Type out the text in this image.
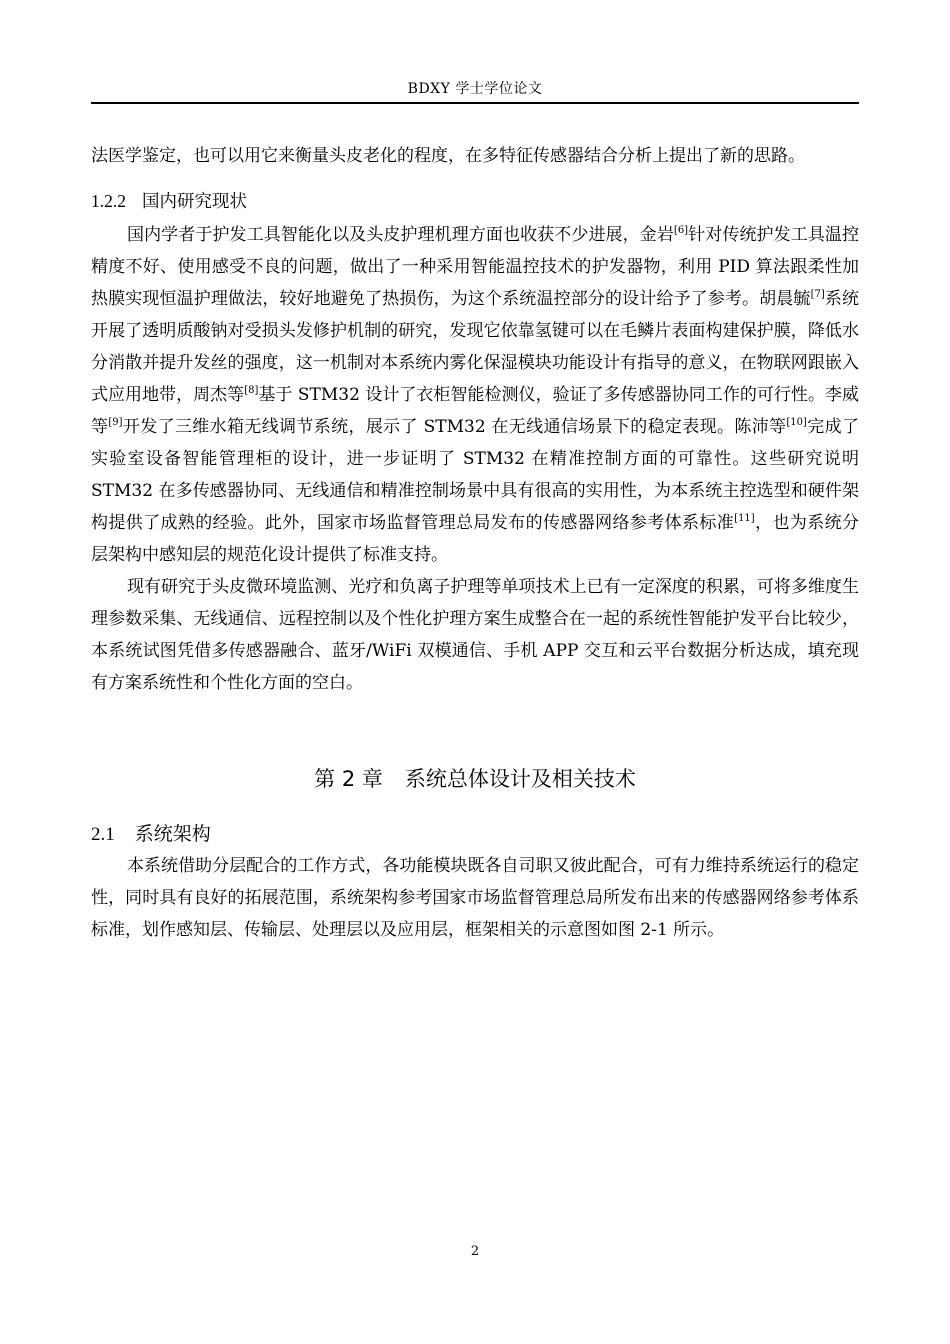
BDXY 学士学位论文

法医学鉴定，也可以用它来衡量头皮老化的程度，在多特征传感器结合分析上提出了新的思路。

1.2.2 国内研究现状

国内学者于护发工具智能化以及头皮护理机理方面也收获不少进展，金岩[6]针对传统护发工具温控精度不好、使用感受不良的问题，做出了一种采用智能温控技术的护发器物，利用 PID 算法跟柔性加热膜实现恒温护理做法，较好地避免了热损伤，为这个系统温控部分的设计给予了参考。胡晨毓[7]系统开展了透明质酸钠对受损头发修护机制的研究，发现它依靠氢键可以在毛鳞片表面构建保护膜，降低水分消散并提升发丝的强度，这一机制对本系统内雾化保湿模块功能设计有指导的意义，在物联网跟嵌入式应用地带，周杰等[8]基于 STM32 设计了衣柜智能检测仪，验证了多传感器协同工作的可行性。李威等[9]开发了三维水箱无线调节系统，展示了 STM32 在无线通信场景下的稳定表现。陈沛等[10]完成了实验室设备智能管理柜的设计，进一步证明了 STM32 在精准控制方面的可靠性。这些研究说明 STM32 在多传感器协同、无线通信和精准控制场景中具有很高的实用性，为本系统主控选型和硬件架构提供了成熟的经验。此外，国家市场监督管理总局发布的传感器网络参考体系标准[11]，也为系统分层架构中感知层的规范化设计提供了标准支持。

现有研究于头皮微环境监测、光疗和负离子护理等单项技术上已有一定深度的积累，可将多维度生理参数采集、无线通信、远程控制以及个性化护理方案生成整合在一起的系统性智能护发平台比较少，本系统试图凭借多传感器融合、蓝牙/WiFi 双模通信、手机 APP 交互和云平台数据分析达成，填充现有方案系统性和个性化方面的空白。

第 2 章 系统总体设计及相关技术
2.1 系统架构

本系统借助分层配合的工作方式，各功能模块既各自司职又彼此配合，可有力维持系统运行的稳定性，同时具有良好的拓展范围，系统架构参考国家市场监督管理总局所发布出来的传感器网络参考体系标准，划作感知层、传输层、处理层以及应用层，框架相关的示意图如图 2-1 所示。

2
